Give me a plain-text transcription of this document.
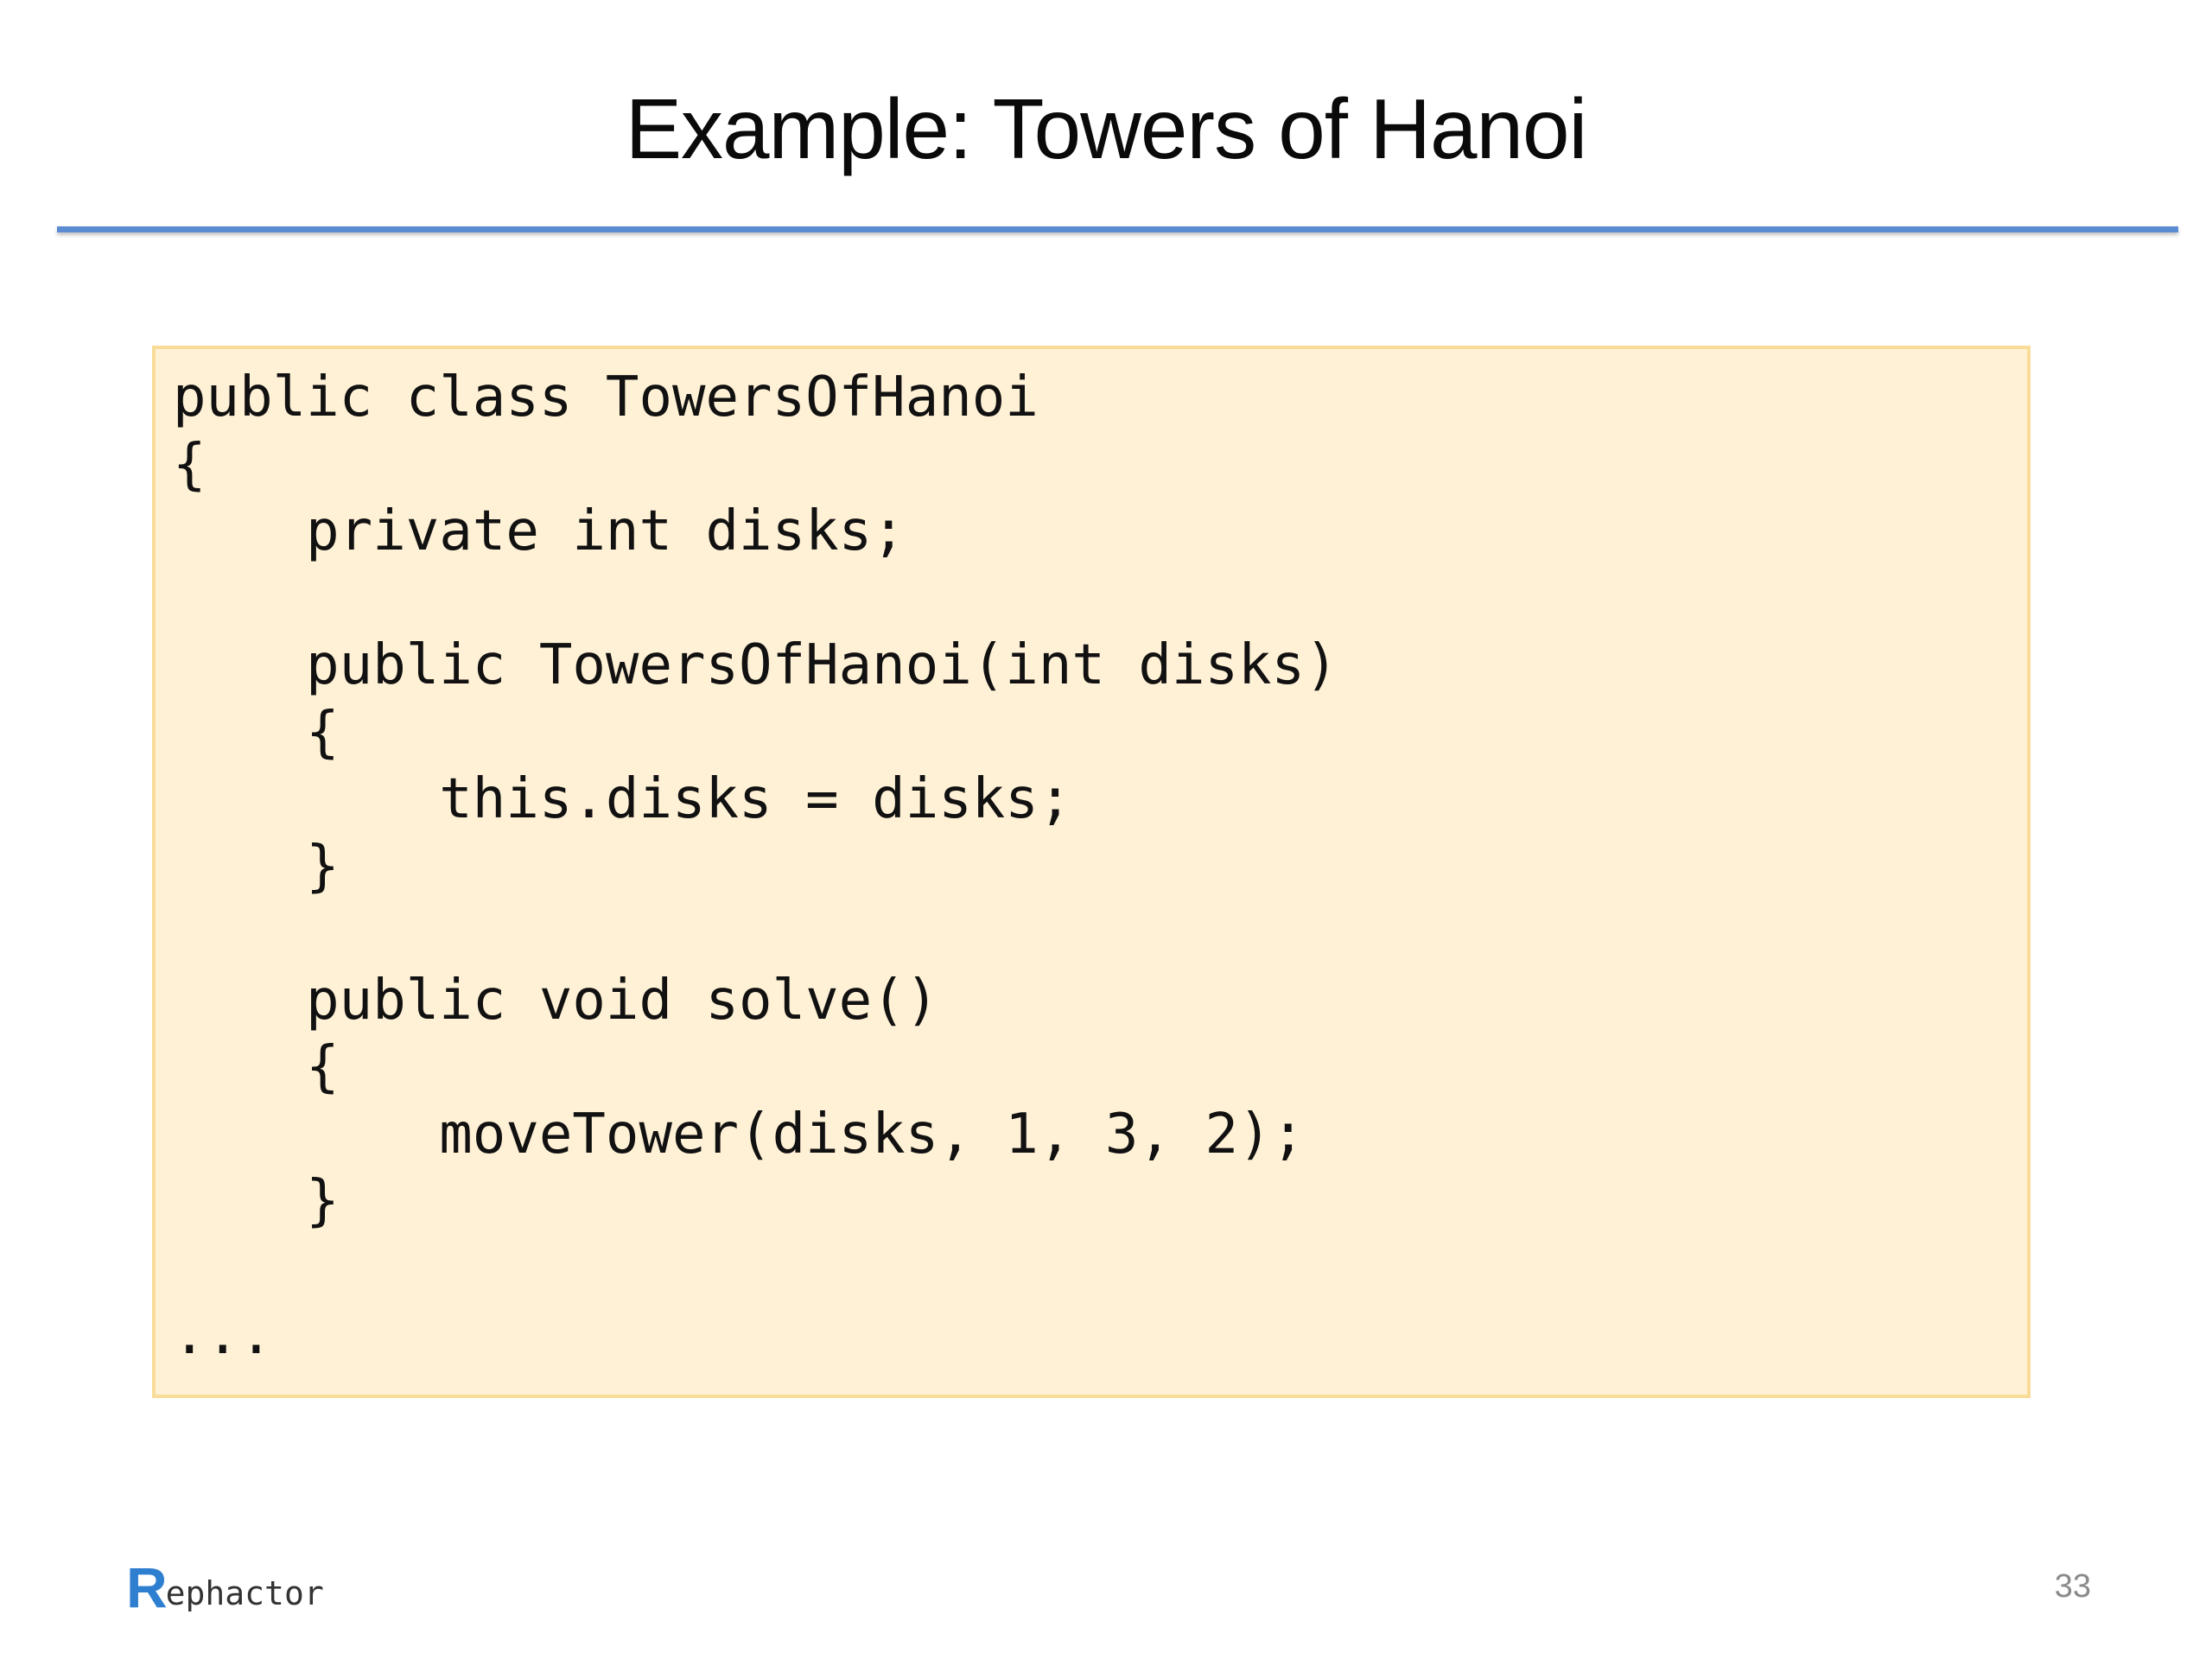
Example: Towers of Hanoi
public class TowersOfHanoi
{
private int disks;
public TowersOfHanoi(int disks)
{
this.disks = disks;
}
public void solve()
{
moveTower(disks, 1, 3, 2);
}
...
R
ephactor	33
